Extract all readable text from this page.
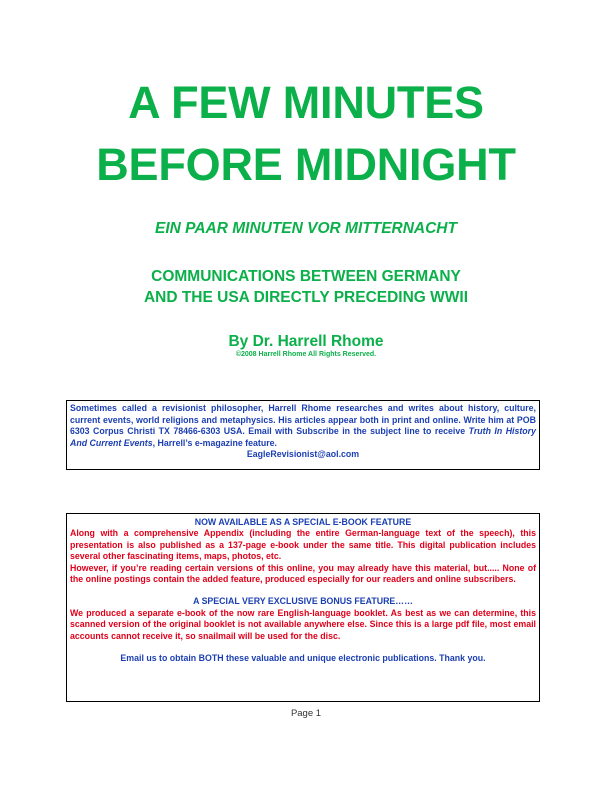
A FEW MINUTES
BEFORE MIDNIGHT
EIN PAAR MINUTEN VOR MITTERNACHT
COMMUNICATIONS BETWEEN GERMANY
AND THE USA DIRECTLY PRECEDING WWII
By Dr. Harrell Rhome
©2008 Harrell Rhome All Rights Reserved.
Sometimes called a revisionist philosopher, Harrell Rhome researches and writes about history, culture, current events, world religions and metaphysics. His articles appear both in print and online. Write him at POB 6303 Corpus Christi TX 78466-6303 USA. Email with Subscribe in the subject line to receive Truth In History And Current Events, Harrell’s e-magazine feature.
EagleRevisionist@aol.com
NOW AVAILABLE AS A SPECIAL E-BOOK FEATURE
Along with a comprehensive Appendix (including the entire German-language text of the speech), this presentation is also published as a 137-page e-book under the same title. This digital publication includes several other fascinating items, maps, photos, etc.
However, if you’re reading certain versions of this online, you may already have this material, but..... None of the online postings contain the added feature, produced especially for our readers and online subscribers.
A SPECIAL VERY EXCLUSIVE BONUS FEATURE……
We produced a separate e-book of the now rare English-language booklet. As best as we can determine, this scanned version of the original booklet is not available anywhere else. Since this is a large pdf file, most email accounts cannot receive it, so snailmail will be used for the disc.
Email us to obtain BOTH these valuable and unique electronic publications. Thank you.
Page 1
